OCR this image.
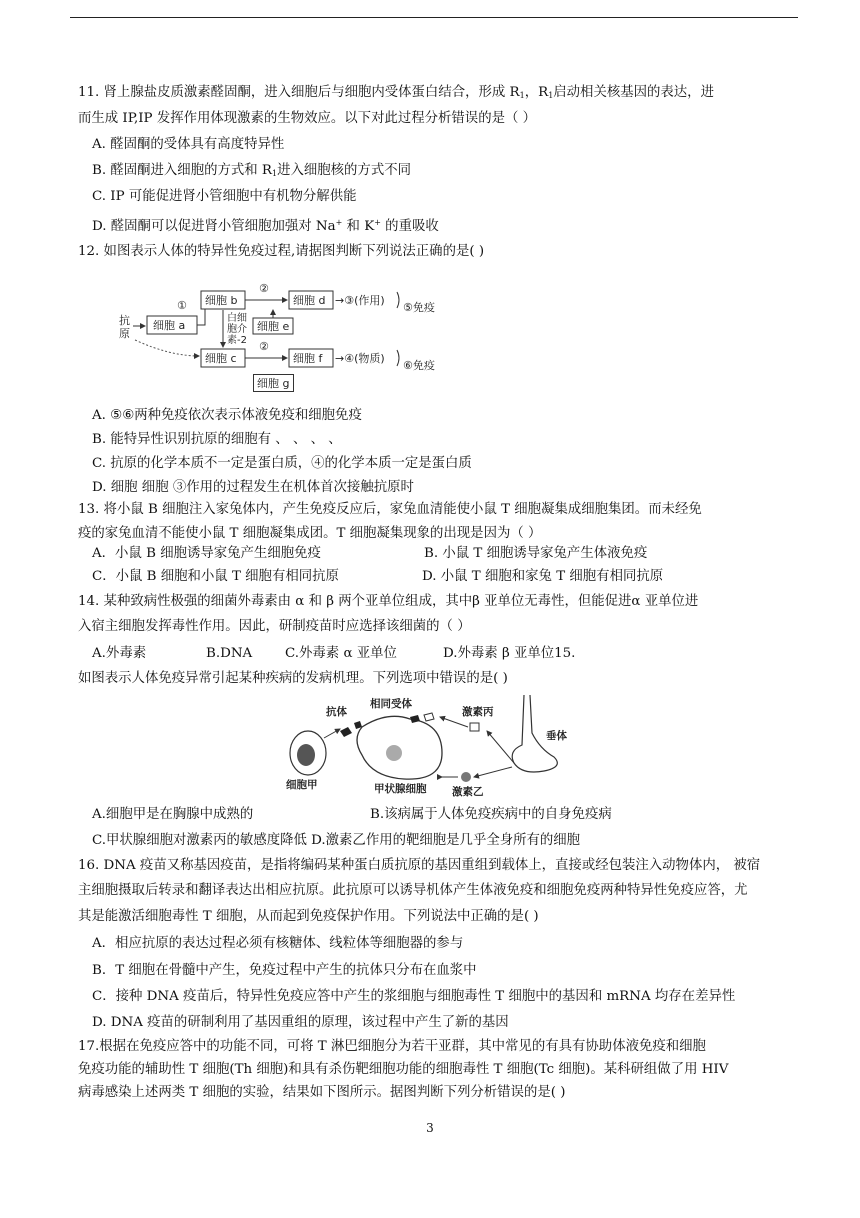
11. 肾上腺盐皮质激素醛固酮，进入细胞后与细胞内受体蛋白结合，形成 $R_1$，$R_1$启动相关核基因的表达，进
而生成 IP,IP 发挥作用体现激素的生物效应。以下对此过程分析错误的是（ ）
A. 醛固酮的受体具有高度特异性
B. 醛固酮进入细胞的方式和 $R_1$进入细胞核的方式不同
C. IP 可能促进肾小管细胞中有机物分解供能
D. 醛固酮可以促进肾小管细胞加强对 Na+ 和 K+ 的重吸收
12. 如图表示人体的特异性免疫过程,请据图判断下列说法正确的是( )
抗原
细胞 a
① 细胞 b
②
细胞 d →③(作用)
细胞 e
白细胞介素-2
细胞 c
②
细胞 f →④(物质)
⑤免疫
⑥免疫
细胞 g
A. ⑤⑥两种免疫依次表示体液免疫和细胞免疫
B. 能特异性识别抗原的细胞有 、 、 、 、
C. 抗原的化学本质不一定是蛋白质，④的化学本质一定是蛋白质
D. 细胞 细胞 ③作用的过程发生在机体首次接触抗原时
13. 将小鼠 B 细胞注入家兔体内，产生免疫反应后，家兔血清能使小鼠 T 细胞凝集成细胞集团。而未经免
疫的家兔血清不能使小鼠 T 细胞凝集成团。T 细胞凝集现象的出现是因为（ ）
A．小鼠 B 细胞诱导家兔产生细胞免疫	B. 小鼠 T 细胞诱导家兔产生体液免疫
C．小鼠 B 细胞和小鼠 T 细胞有相同抗原	D. 小鼠 T 细胞和家兔 T 细胞有相同抗原
14. 某种致病性极强的细菌外毒素由 α 和 β 两个亚单位组成，其中β 亚单位无毒性，但能促进α 亚单位进
入宿主细胞发挥毒性作用。因此，研制疫苗时应选择该细菌的（ ）
A.外毒素	B.DNA C.外毒素 α 亚单位	D.外毒素 β 亚单位15.
如图表示人体免疫异常引起某种疾病的发病机理。下列选项中错误的是( )
细胞甲
抗体
相同受体
甲状腺细胞
激素丙
激素乙
垂体
A.细胞甲是在胸腺中成熟的	B.该病属于人体免疫疾病中的自身免疫病
C.甲状腺细胞对激素丙的敏感度降低 D.激素乙作用的靶细胞是几乎全身所有的细胞
16. DNA 疫苗又称基因疫苗，是指将编码某种蛋白质抗原的基因重组到载体上，直接或经包装注入动物体内， 被宿
主细胞摄取后转录和翻译表达出相应抗原。此抗原可以诱导机体产生体液免疫和细胞免疫两种特异性免疫应答，尤
其是能激活细胞毒性 T 细胞，从而起到免疫保护作用。下列说法中正确的是( )
A．相应抗原的表达过程必须有核糖体、线粒体等细胞器的参与
B．T 细胞在骨髓中产生，免疫过程中产生的抗体只分布在血浆中
C．接种 DNA 疫苗后，特异性免疫应答中产生的浆细胞与细胞毒性 T 细胞中的基因和 mRNA 均存在差异性
D. DNA 疫苗的研制利用了基因重组的原理，该过程中产生了新的基因
17.根据在免疫应答中的功能不同，可将 T 淋巴细胞分为若干亚群，其中常见的有具有协助体液免疫和细胞
免疫功能的辅助性 T 细胞(Th 细胞)和具有杀伤靶细胞功能的细胞毒性 T 细胞(Tc 细胞)。某科研组做了用 HIV
病毒感染上述两类 T 细胞的实验，结果如下图所示。据图判断下列分析错误的是( )
3
